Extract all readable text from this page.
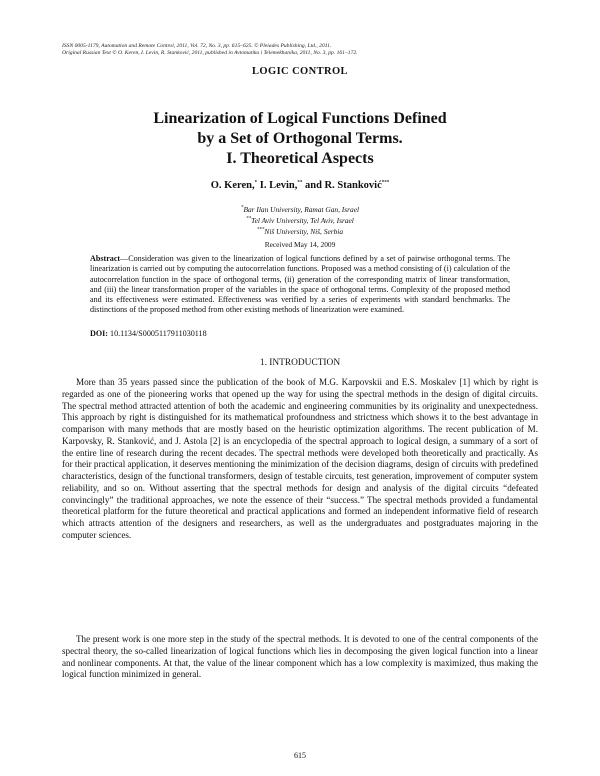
ISSN 0005-1179, Automation and Remote Control, 2011, Vol. 72, No. 3, pp. 615–625. © Pleiades Publishing, Ltd., 2011.
Original Russian Text © O. Keren, I. Levin, R. Stanković, 2011, published in Avtomatika i Telemekhanika, 2011, No. 3, pp. 161–172.
LOGIC CONTROL
Linearization of Logical Functions Defined
by a Set of Orthogonal Terms.
I. Theoretical Aspects
O. Keren,* I. Levin,** and R. Stanković***
*Bar Ilan University, Ramat Gan, Israel
**Tel Aviv University, Tel Aviv, Israel
***Niš University, Niš, Serbia
Received May 14, 2009
Abstract—Consideration was given to the linearization of logical functions defined by a set of pairwise orthogonal terms. The linearization is carried out by computing the autocorrelation functions. Proposed was a method consisting of (i) calculation of the autocorrelation function in the space of orthogonal terms, (ii) generation of the corresponding matrix of linear transformation, and (iii) the linear transformation proper of the variables in the space of orthogonal terms. Complexity of the proposed method and its effectiveness were estimated. Effectiveness was verified by a series of experiments with standard benchmarks. The distinctions of the proposed method from other existing methods of linearization were examined.
DOI: 10.1134/S0005117911030118
1. INTRODUCTION
More than 35 years passed since the publication of the book of M.G. Karpovskii and E.S. Moskalev [1] which by right is regarded as one of the pioneering works that opened up the way for using the spectral methods in the design of digital circuits. The spectral method attracted attention of both the academic and engineering communities by its originality and unexpectedness. This approach by right is distinguished for its mathematical profoundness and strictness which shows it to the best advantage in comparison with many methods that are mostly based on the heuristic optimization algorithms. The recent publication of M. Karpovsky, R. Stanković, and J. Astola [2] is an encyclopedia of the spectral approach to logical design, a summary of a sort of the entire line of research during the recent decades. The spectral methods were developed both theoretically and practically. As for their practical application, it deserves mentioning the minimization of the decision diagrams, design of circuits with predefined characteristics, design of the functional transformers, design of testable circuits, test generation, improvement of computer system reliability, and so on. Without asserting that the spectral methods for design and analysis of the digital circuits “defeated convincingly” the traditional approaches, we note the essence of their “success.” The spectral methods provided a fundamental theoretical platform for the future theoretical and practical applications and formed an independent informative field of research which attracts attention of the designers and researchers, as well as the undergraduates and postgraduates majoring in the computer sciences.
The present work is one more step in the study of the spectral methods. It is devoted to one of the central components of the spectral theory, the so-called linearization of logical functions which lies in decomposing the given logical function into a linear and nonlinear components. At that, the value of the linear component which has a low complexity is maximized, thus making the logical function minimized in general.
615
